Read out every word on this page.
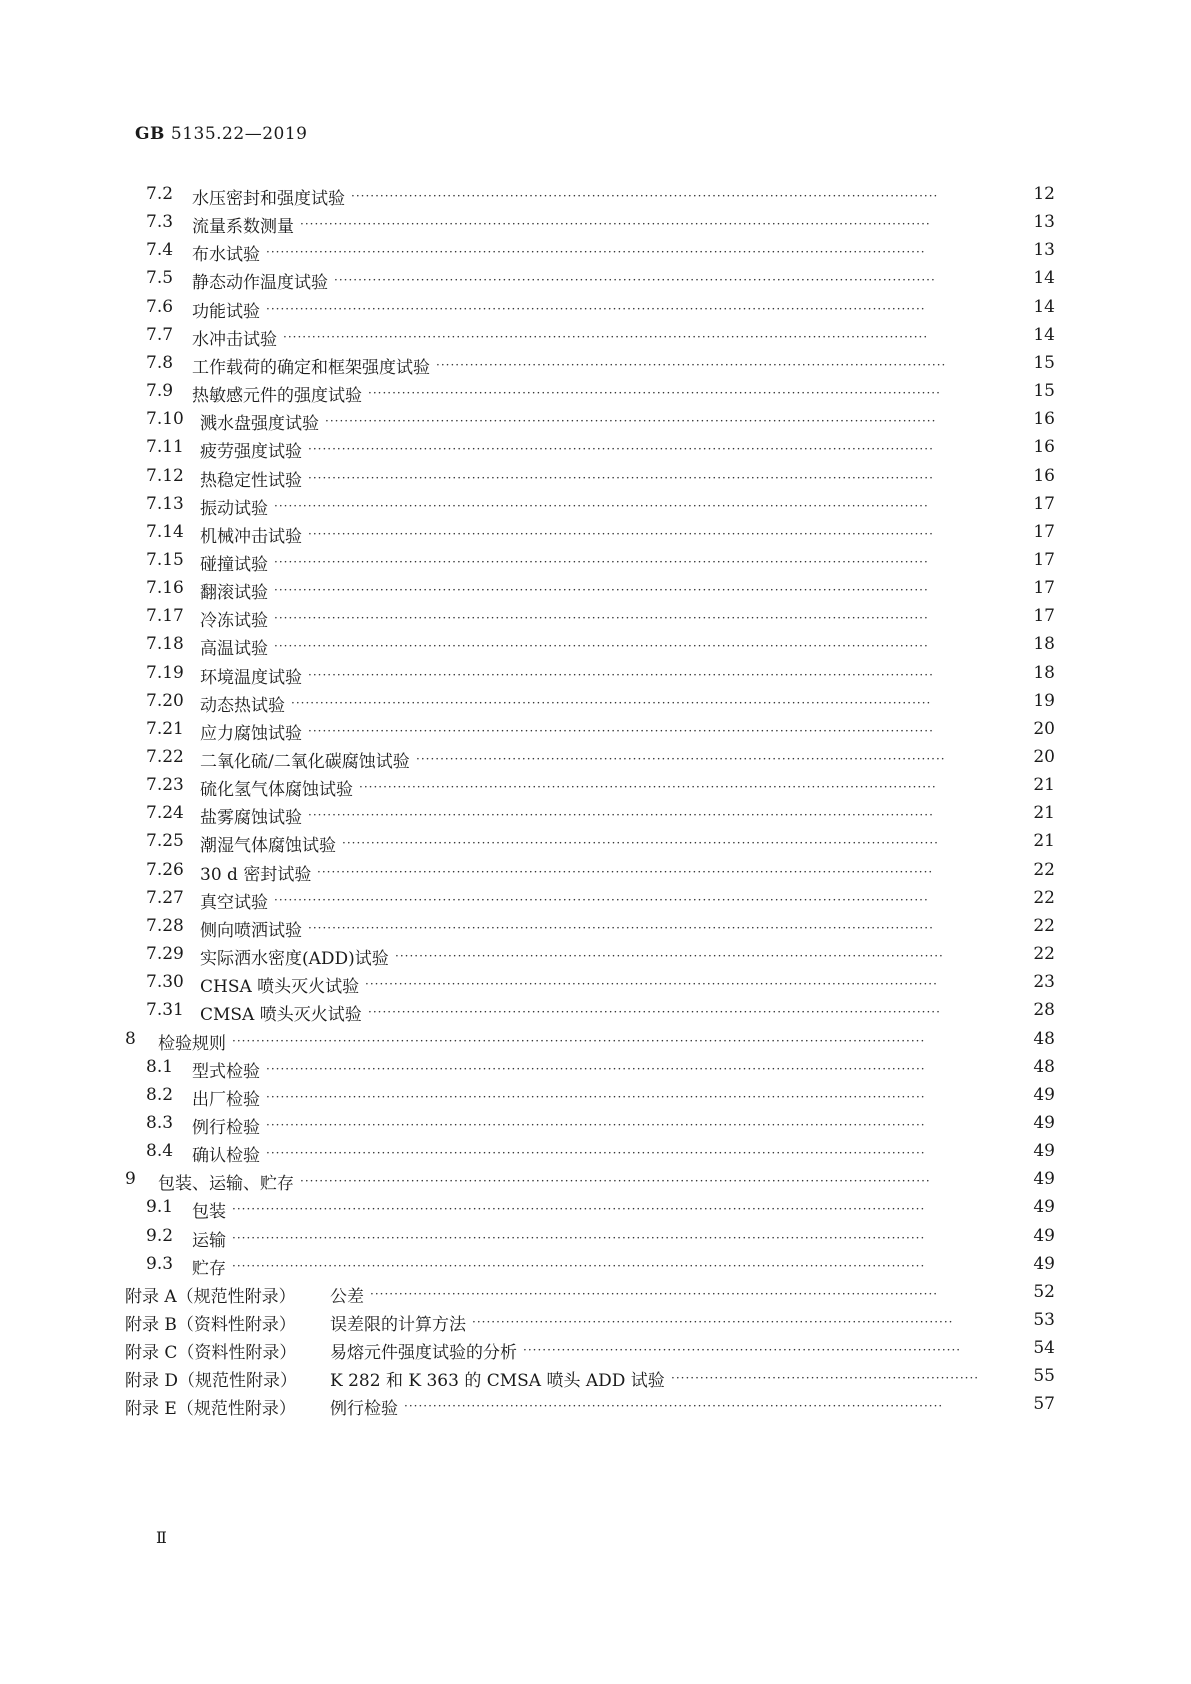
GB 5135.22—2019
7.2 水压密封和强度试验 ··························································································································	12
7.3 流量系数测量 ···································································································································	13
7.4 布水试验 ·········································································································································	13
7.5 静态动作温度试验 ·····························································································································	14
7.6 功能试验 ·········································································································································	14
7.7 水冲击试验 ······································································································································	14
7.8 工作载荷的确定和框架强度试验 ··········································································································	15
7.9 热敏感元件的强度试验 ·······················································································································	15
7.10 溅水盘强度试验 ·······························································································································	16
7.11 疲劳强度试验 ··································································································································	16
7.12 热稳定性试验 ··································································································································	16
7.13 振动试验 ········································································································································	17
7.14 机械冲击试验 ··································································································································	17
7.15 碰撞试验 ········································································································································	17
7.16 翻滚试验 ········································································································································	17
7.17 冷冻试验 ········································································································································	17
7.18 高温试验 ········································································································································	18
7.19 环境温度试验 ··································································································································	18
7.20 动态热试验 ·····································································································································	19
7.21 应力腐蚀试验 ··································································································································	20
7.22 二氧化硫/二氧化碳腐蚀试验 ··············································································································	20
7.23 硫化氢气体腐蚀试验 ························································································································	21
7.24 盐雾腐蚀试验 ··································································································································	21
7.25 潮湿气体腐蚀试验 ····························································································································	21
7.26 30 d 密封试验 ································································································································	22
7.27 真空试验 ········································································································································	22
7.28 侧向喷洒试验 ··································································································································	22
7.29 实际洒水密度(ADD)试验 ··················································································································	22
7.30 CHSA 喷头灭火试验 ·······················································································································	23
7.31 CMSA 喷头灭火试验 ·······················································································································	28
8 检验规则 ················································································································································	48
8.1 型式检验 ·········································································································································	48
8.2 出厂检验 ·········································································································································	49
8.3 例行检验 ·········································································································································	49
8.4 确认检验 ·········································································································································	49
9 包装、运输、贮存 ···································································································································	49
9.1 包装 ················································································································································	49
9.2 运输 ················································································································································	49
9.3 贮存 ················································································································································	49
附录 A（规范性附录） 公差 ······················································································································	52
附录 B（资料性附录） 误差限的计算方法 ····································································································	53
附录 C（资料性附录） 易熔元件强度试验的分析 ···························································································	54
附录 D（规范性附录） K 282 和 K 363 的 CMSA 喷头 ADD 试验 ································································	55
附录 E（规范性附录） 例行检验 ················································································································	57
Ⅱ
